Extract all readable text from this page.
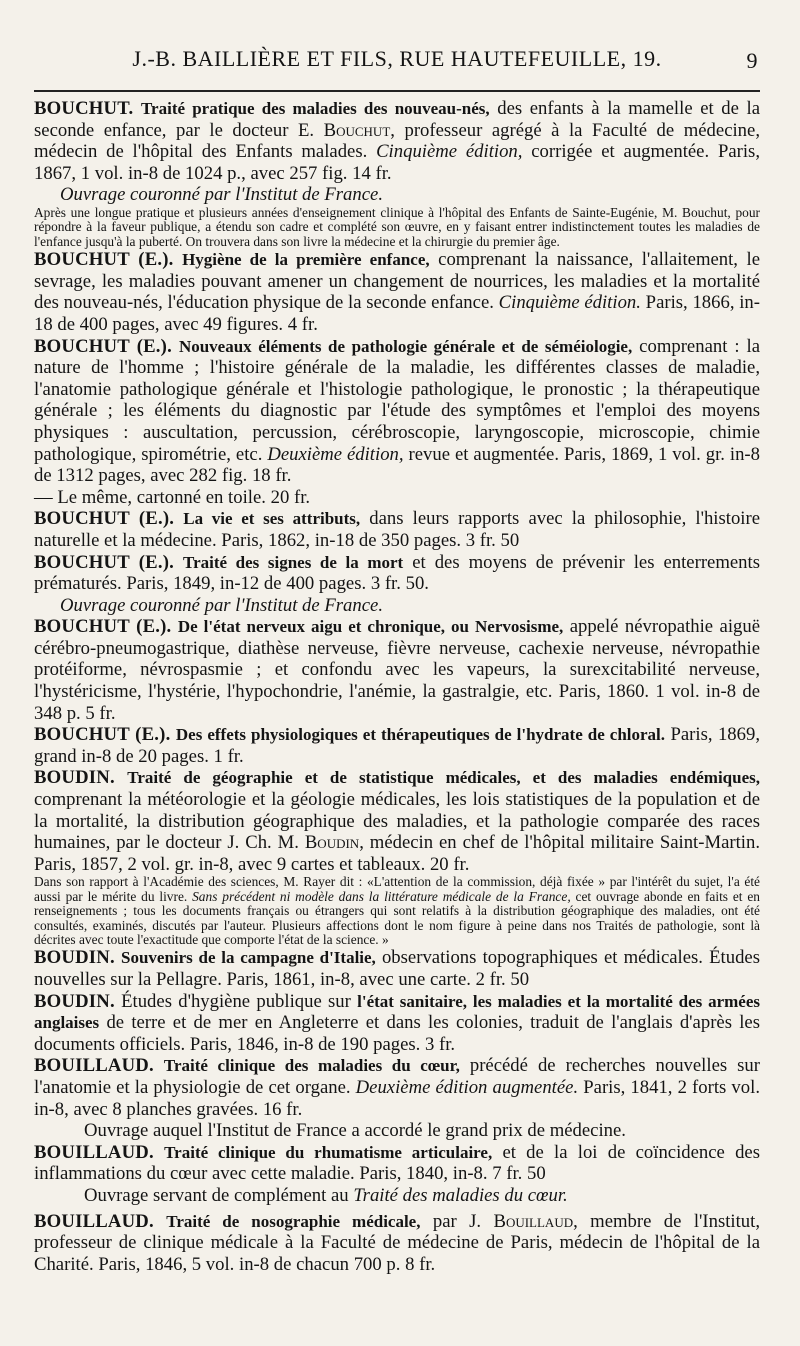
J.-B. BAILLIÈRE ET FILS, RUE HAUTEFEUILLE, 19.	9

BOUCHUT. Traité pratique des maladies des nouveau-nés, des enfants à la mamelle et de la seconde enfance, par le docteur E. Bouchut, professeur agrégé à la Faculté de médecine, médecin de l'hôpital des Enfants malades. Cinquième édition, corrigée et augmentée. Paris, 1867, 1 vol. in-8 de 1024 p., avec 257 fig. 14 fr.

Ouvrage couronné par l'Institut de France.

Après une longue pratique et plusieurs années d'enseignement clinique à l'hôpital des Enfants de Sainte-Eugénie, M. Bouchut, pour répondre à la faveur publique, a étendu son cadre et complété son œuvre, en y faisant entrer indistinctement toutes les maladies de l'enfance jusqu'à la puberté. On trouvera dans son livre la médecine et la chirurgie du premier âge.

BOUCHUT (E.). Hygiène de la première enfance, comprenant la naissance, l'allaitement, le sevrage, les maladies pouvant amener un changement de nourrices, les maladies et la mortalité des nouveau-nés, l'éducation physique de la seconde enfance. Cinquième édition. Paris, 1866, in-18 de 400 pages, avec 49 figures. 4 fr.

BOUCHUT (E.). Nouveaux éléments de pathologie générale et de séméiologie, comprenant : la nature de l'homme ; l'histoire générale de la maladie, les différentes classes de maladie, l'anatomie pathologique générale et l'histologie pathologique, le pronostic ; la thérapeutique générale ; les éléments du diagnostic par l'étude des symptômes et l'emploi des moyens physiques : auscultation, percussion, cérébroscopie, laryngoscopie, microscopie, chimie pathologique, spirométrie, etc. Deuxième édition, revue et augmentée. Paris, 1869, 1 vol. gr. in-8 de 1312 pages, avec 282 fig. 18 fr.

— Le même, cartonné en toile. 20 fr.

BOUCHUT (E.). La vie et ses attributs, dans leurs rapports avec la philosophie, l'histoire naturelle et la médecine. Paris, 1862, in-18 de 350 pages. 3 fr. 50

BOUCHUT (E.). Traité des signes de la mort et des moyens de prévenir les enterrements prématurés. Paris, 1849, in-12 de 400 pages. 3 fr. 50.

Ouvrage couronné par l'Institut de France.

BOUCHUT (E.). De l'état nerveux aigu et chronique, ou Nervosisme, appelé névropathie aiguë cérébro-pneumogastrique, diathèse nerveuse, fièvre nerveuse, cachexie nerveuse, névropathie protéiforme, névrospasmie ; et confondu avec les vapeurs, la surexcitabilité nerveuse, l'hystéricisme, l'hystérie, l'hypochondrie, l'anémie, la gastralgie, etc. Paris, 1860. 1 vol. in-8 de 348 p. 5 fr.

BOUCHUT (E.). Des effets physiologiques et thérapeutiques de l'hydrate de chloral. Paris, 1869, grand in-8 de 20 pages. 1 fr.

BOUDIN. Traité de géographie et de statistique médicales, et des maladies endémiques, comprenant la météorologie et la géologie médicales, les lois statistiques de la population et de la mortalité, la distribution géographique des maladies, et la pathologie comparée des races humaines, par le docteur J. Ch. M. Boudin, médecin en chef de l'hôpital militaire Saint-Martin. Paris, 1857, 2 vol. gr. in-8, avec 9 cartes et tableaux. 20 fr.

Dans son rapport à l'Académie des sciences, M. Rayer dit : «L'attention de la commission, déjà fixée » par l'intérêt du sujet, l'a été aussi par le mérite du livre. Sans précédent ni modèle dans la littérature médicale de la France, cet ouvrage abonde en faits et en renseignements ; tous les documents français ou étrangers qui sont relatifs à la distribution géographique des maladies, ont été consultés, examinés, discutés par l'auteur. Plusieurs affections dont le nom figure à peine dans nos Traités de pathologie, sont là décrites avec toute l'exactitude que comporte l'état de la science. »

BOUDIN. Souvenirs de la campagne d'Italie, observations topographiques et médicales. Études nouvelles sur la Pellagre. Paris, 1861, in-8, avec une carte. 2 fr. 50

BOUDIN. Études d'hygiène publique sur l'état sanitaire, les maladies et la mortalité des armées anglaises de terre et de mer en Angleterre et dans les colonies, traduit de l'anglais d'après les documents officiels. Paris, 1846, in-8 de 190 pages. 3 fr.

BOUILLAUD. Traité clinique des maladies du cœur, précédé de recherches nouvelles sur l'anatomie et la physiologie de cet organe. Deuxième édition augmentée. Paris, 1841, 2 forts vol. in-8, avec 8 planches gravées. 16 fr.

Ouvrage auquel l'Institut de France a accordé le grand prix de médecine.

BOUILLAUD. Traité clinique du rhumatisme articulaire, et de la loi de coïncidence des inflammations du cœur avec cette maladie. Paris, 1840, in-8. 7 fr. 50

Ouvrage servant de complément au Traité des maladies du cœur.

BOUILLAUD. Traité de nosographie médicale, par J. Bouillaud, membre de l'Institut, professeur de clinique médicale à la Faculté de médecine de Paris, médecin de l'hôpital de la Charité. Paris, 1846, 5 vol. in-8 de chacun 700 p. 8 fr.
